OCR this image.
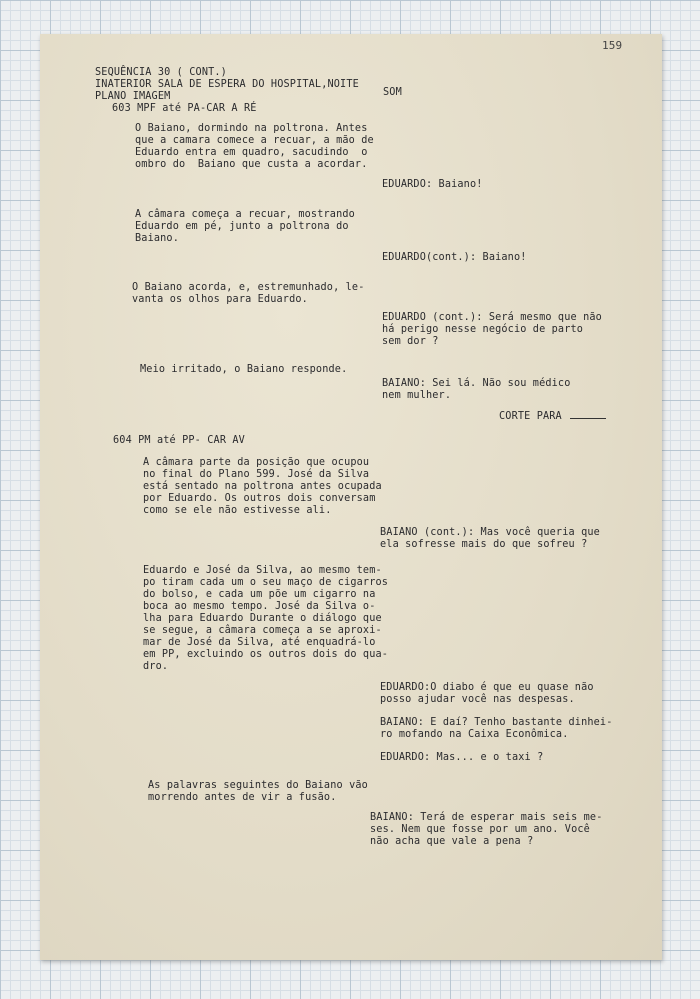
159
SEQUÊNCIA 30 ( CONT.)
INATERIOR SALA DE ESPERA DO HOSPITAL,NOITE
PLANO IMAGEM	SOM
603 MPF até PA-CAR A RÉ
O Baiano, dormindo na poltrona. Antes
que a camara comece a recuar, a mão de
Eduardo entra em quadro, sacudindo  o
ombro do  Baiano que custa a acordar.
EDUARDO: Baiano!
A câmara começa a recuar, mostrando
Eduardo em pé, junto a poltrona do
Baiano.
EDUARDO(cont.): Baiano!
O Baiano acorda, e, estremunhado, le-
vanta os olhos para Eduardo.
EDUARDO (cont.): Será mesmo que não
há perigo nesse negócio de parto
sem dor ?
Meio irritado, o Baiano responde.
BAIANO: Sei lá. Não sou médico
nem mulher.
CORTE PARA
604 PM até PP- CAR AV
A câmara parte da posição que ocupou
no final do Plano 599. José da Silva
está sentado na poltrona antes ocupada
por Eduardo. Os outros dois conversam
como se ele não estivesse ali.
BAIANO (cont.): Mas você queria que
ela sofresse mais do que sofreu ?
Eduardo e José da Silva, ao mesmo tem-
po tiram cada um o seu maço de cigarros
do bolso, e cada um põe um cigarro na
boca ao mesmo tempo. José da Silva o-
lha para Eduardo Durante o diálogo que
se segue, a câmara começa a se aproxi-
mar de José da Silva, até enquadrá-lo
em PP, excluindo os outros dois do qua-
dro.
EDUARDO:O diabo é que eu quase não
posso ajudar você nas despesas.
BAIANO: E daí? Tenho bastante dinhei-
ro mofando na Caixa Econômica.
EDUARDO: Mas... e o taxi ?
As palavras seguintes do Baiano vão
morrendo antes de vir a fusão.
BAIANO: Terá de esperar mais seis me-
ses. Nem que fosse por um ano. Você
não acha que vale a pena ?
